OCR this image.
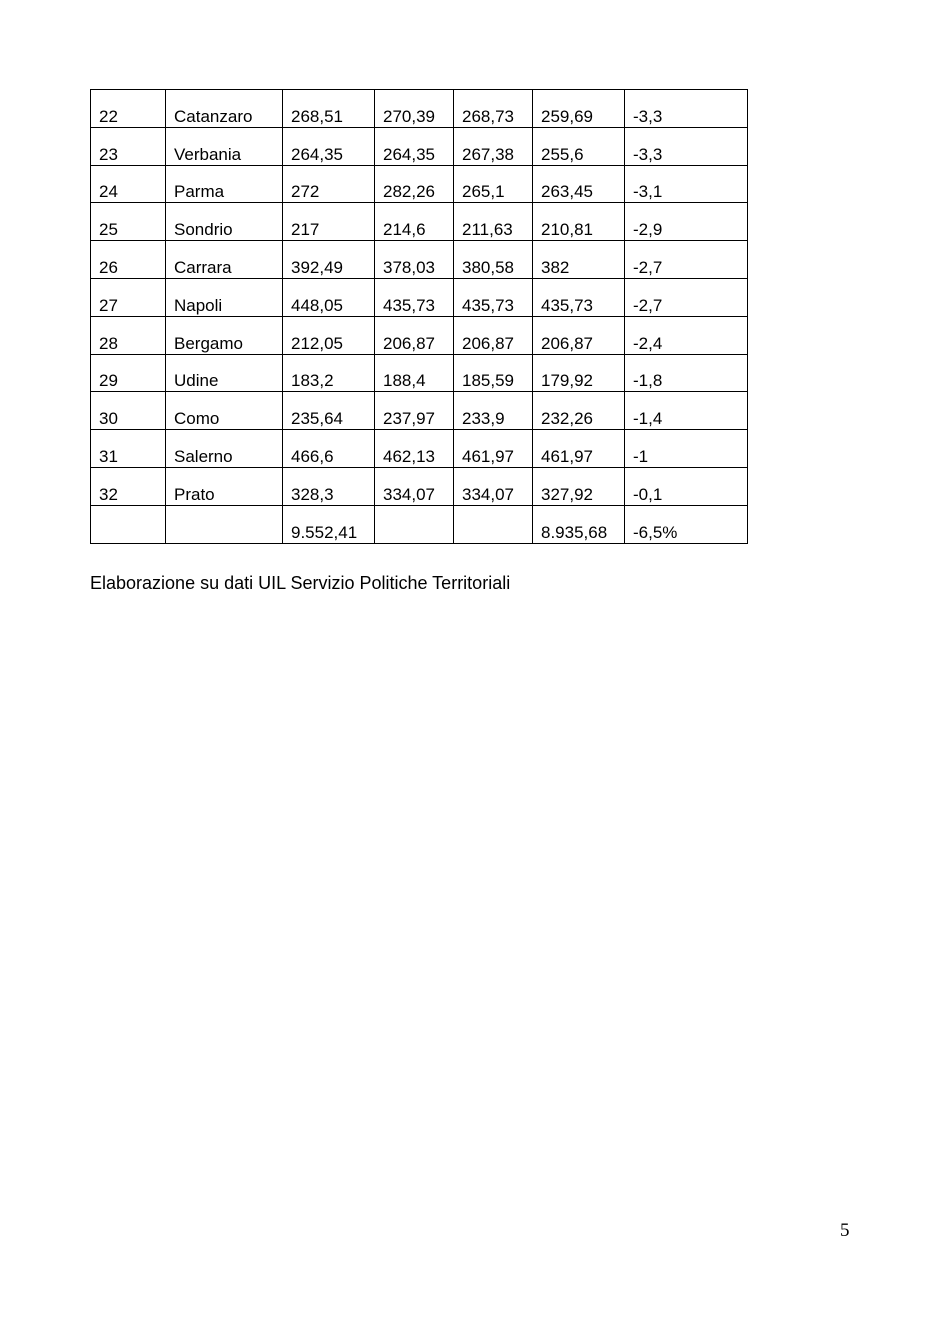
22	Catanzaro	268,51	270,39	268,73	259,69	-3,3

23	Verbania	264,35	264,35	267,38	255,6	-3,3

24	Parma	272	282,26	265,1	263,45	-3,1

25	Sondrio	217	214,6	211,63	210,81	-2,9

26	Carrara	392,49	378,03	380,58	382	-2,7

27	Napoli	448,05	435,73	435,73	435,73	-2,7

28	Bergamo	212,05	206,87	206,87	206,87	-2,4

29	Udine	183,2	188,4	185,59	179,92	-1,8

30	Como	235,64	237,97	233,9	232,26	-1,4

31	Salerno	466,6	462,13	461,97	461,97	-1

32	Prato	328,3	334,07	334,07	327,92	-0,1

		9.552,41			8.935,68	-6,5%
Elaborazione su dati UIL Servizio Politiche Territoriali
5
